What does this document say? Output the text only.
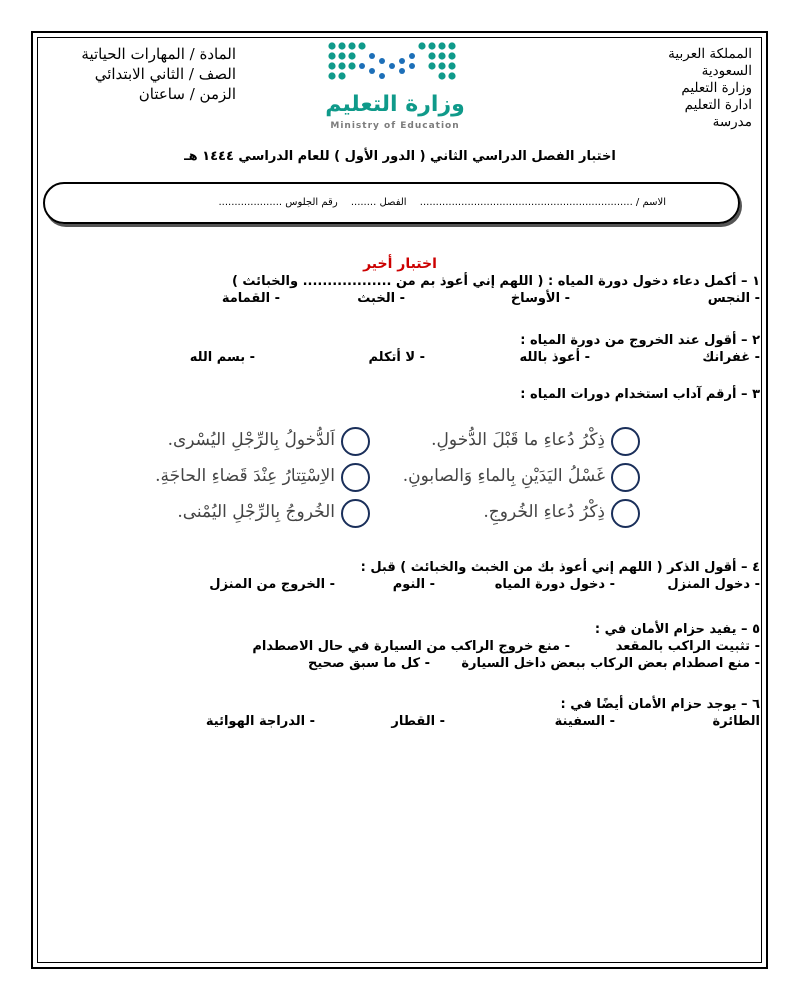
المملكة العربية
السعودية
وزارة التعليم
ادارة التعليم
مدرسة
المادة / المهارات الحياتية
الصف / الثاني الابتدائي
الزمن / ساعتان	وزارة التعليم
Ministry of Education
اختبار الفصل الدراسي الثاني ( الدور الأول ) للعام الدراسي ١٤٤٤ هـ
الاسم / ................................................................... الفصل ........ رقم الجلوس ....................
اختبار أخير
١ – أكمل دعاء دخول دورة المياه : ( اللهم إني أعوذ بم من .................. والخبائث )
- النجس
- الأوساخ
- الخبث
- القمامة
٢ – أقول عند الخروج من دورة المياه :
- غفرانك
- أعوذ بالله
- لا أتكلم
- بسم الله
٣ – أرقم آداب استخدام دورات المياه :
ذِكْرُ دُعاءِ ما قَبْلَ الدُّخولِ.
اَلدُّخولُ بِالرِّجْلِ اليُسْرى.
غَسْلُ اليَدَيْنِ بِالماءِ وَالصابونِ.
الاِسْتِتارُ عِنْدَ قَضاءِ الحاجَةِ.
ذِكْرُ دُعاءِ الخُروجِ.
الخُروجُ بِالرِّجْلِ اليُمْنى.
٤ – أقول الذكر ( اللهم إني أعوذ بك من الخبث والخبائث ) قبل :
- دخول المنزل
- دخول دورة المياه
- النوم
- الخروج من المنزل
٥ – يفيد حزام الأمان في :
- تثبيت الراكب بالمقعد
- منع خروج الراكب من السيارة في حال الاصطدام
- منع اصطدام بعض الركاب ببعض داخل السيارة
- كل ما سبق صحيح
٦ – يوجد حزام الأمان أيضًا في :
الطائرة
- السفينة
- القطار
- الدراجة الهوائية
